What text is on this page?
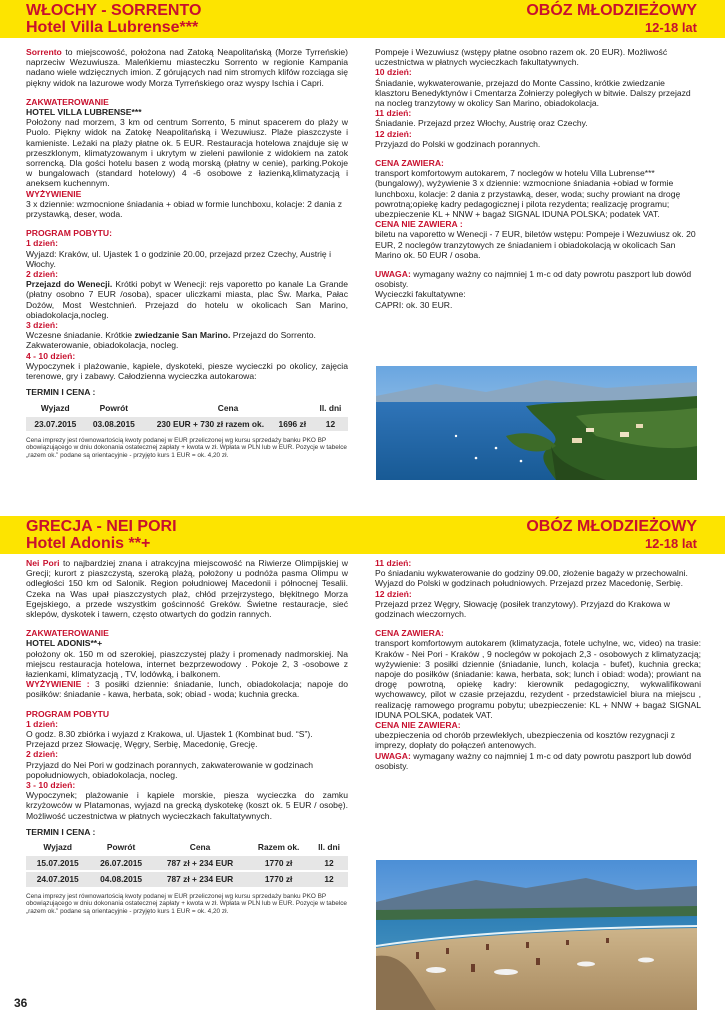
WŁOCHY - SORRENTO
Hotel Villa Lubrense***
OBÓZ MŁODZIEŻOWY
12-18 lat

Sorrento to miejscowość, położona nad Zatoką Neapolitańską (Morze Tyrreńskie) naprzeciw Wezuwiusza. Maleńkiemu miasteczku Sorrento w regionie Kampania nadano wiele wdzięcznych imion. Z górujących nad nim stromych klifów rozciąga się piękny widok na lazurowe wody Morza Tyrreńskiego oraz wyspy Ischia i Capri.

ZAKWATEROWANIE

HOTEL VILLA LUBRENSE***

Położony nad morzem, 3 km od centrum Sorrento, 5 minut spacerem do plaży w Puolo. Piękny widok na Zatokę Neapolitańską i Wezuwiusz. Plaże piaszczyste i kamieniste. Leżaki na plaży płatne ok. 5 EUR. Restauracja hotelowa znajduje się w przeszklonym, klimatyzowanym i ukrytym w zieleni pawilonie z widokiem na zatok sorrencką. Dla gości hotelu basen z wodą morską (płatny w cenie), parking.Pokoje w bungalowach (standard hotelowy) 4 -6 osobowe z łazienką,klimatyzacją i aneksem kuchennym.

WYŻYWIENIE

3 x dziennie: wzmocnione śniadania + obiad w formie lunchboxu, kolacje: 2 dania z przystawką, deser, woda.

PROGRAM POBYTU:

1 dzień:

Wyjazd: Kraków, ul. Ujastek 1 o godzinie 20.00, przejazd przez Czechy, Austrię i Włochy.

2 dzień:

Przejazd do Wenecji. Krótki pobyt w Wenecji: rejs vaporetto po kanale La Grande (płatny osobno 7 EUR /osoba), spacer uliczkami miasta, plac Św. Marka, Pałac Dożów, Most Westchnień. Przejazd do hotelu w okolicach San Marino, obiadokolacja,nocleg.

3 dzień:

Wczesne śniadanie. Krótkie zwiedzanie San Marino. Przejazd do Sorrento. Zakwaterowanie, obiadokolacja, nocleg.

4 - 10 dzień:

Wypoczynek i plażowanie, kąpiele, dyskoteki, piesze wycieczki po okolicy, zajęcia terenowe, gry i zabawy. Całodzienna wycieczka autokarowa:

TERMIN I CENA :

Wyjazd	Powrót	Cena		ll. dni
23.07.2015	03.08.2015	230 EUR + 730 zł razem ok.	1696 zł	12

Cena imprezy jest równowartością kwoty podanej w EUR przeliczonej wg kursu sprzedaży banku PKO BP obowiązującego w dniu dokonania ostatecznej zapłaty + kwota w zł. Wpłata w PLN lub w EUR. Pozycje w tabelce „razem ok.” podane są orientacyjnie - przyjęto kurs 1 EUR = ok. 4,20 zł.

Pompeje i Wezuwiusz (wstępy płatne osobno razem ok. 20 EUR). Możliwość uczestnictwa w płatnych wycieczkach fakultatywnych.

10 dzień:

Śniadanie, wykwaterowanie, przejazd do Monte Cassino, krótkie zwiedzanie klasztoru Benedyktynów i Cmentarza Żołnierzy poległych w bitwie. Dalszy przejazd na nocleg tranzytowy w okolicy San Marino, obiadokolacja.

11 dzień:

Śniadanie. Przejazd przez Włochy, Austrię oraz Czechy.

12 dzień:

Przyjazd do Polski w godzinach porannych.

CENA ZAWIERA:

transport komfortowym autokarem, 7 noclegów w hotelu Villa Lubrense*** (bungalowy), wyżywienie 3 x dziennie: wzmocnione śniadania +obiad w formie lunchboxu, kolacje: 2 dania z przystawką, deser, woda; suchy prowiant na drogę powrotną;opiekę kadry pedagogicznej i pilota rezydenta; realizację programu; ubezpieczenie KL + NNW + bagaż SIGNAL IDUNA POLSKA; podatek VAT.

CENA NIE ZAWIERA :

biletu na vaporetto w Wenecji - 7 EUR, biletów wstępu: Pompeje i Wezuwiusz ok. 20 EUR, 2 noclegów tranzytowych ze śniadaniem i obiadokolacją w okolicach San Marino ok. 50 EUR / osoba.

UWAGA: wymagany ważny co najmniej 1 m-c od daty powrotu paszport lub dowód osobisty.

Wycieczki fakultatywne:

CAPRI: ok. 30 EUR.

GRECJA - NEI PORI
Hotel Adonis **+
OBÓZ MŁODZIEŻOWY
12-18 lat

Nei Pori to najbardziej znana i atrakcyjna miejscowość na Riwierze Olimpijskiej w Grecji; kurort z piaszczystą, szeroką plażą, położony u podnóża pasma Olimpu w odległości 150 km od Salonik. Region południowej Macedonii i północnej Tesalii. Czeka na Was upał piaszczystych plaż, chłód przejrzystego, błękitnego Morza Egejskiego, a przede wszystkim gościnność Greków. Świetne restauracje, sieć sklepów, dyskotek i tawern, często otwartych do godzin rannych.

ZAKWATEROWANIE

HOTEL ADONIS**+

położony ok. 150 m od szerokiej, piaszczystej plaży i promenady nadmorskiej. Na miejscu restauracja hotelowa, internet bezprzewodowy . Pokoje 2, 3 -osobowe z łazienkami, klimatyzacją , TV, lodówką, i balkonem.

WYŻYWIENIE : 3 posiłki dziennie: śniadanie, lunch, obiadokolacja; napoje do posiłków: śniadanie - kawa, herbata, sok; obiad - woda; kuchnia grecka.

PROGRAM POBYTU

1 dzień:

O godz. 8.30 zbiórka i wyjazd z Krakowa, ul. Ujastek 1 (Kombinat bud. “S”). Przejazd przez Słowację, Węgry, Serbię, Macedonię, Grecję.

2 dzień:

Przyjazd do Nei Pori w godzinach porannych, zakwaterowanie w godzinach popołudniowych, obiadokolacja, nocleg.

3 - 10 dzień:

Wypoczynek; plażowanie i kąpiele morskie, piesza wycieczka do zamku krzyżowców w Platamonas, wyjazd na grecką dyskotekę (koszt ok. 5 EUR / osobę). Możliwość uczestnictwa w płatnych wycieczkach fakultatywnych.

TERMIN I CENA :

Wyjazd	Powrót	Cena	Razem ok.	ll. dni
15.07.2015	26.07.2015	787 zł + 234 EUR	1770 zł	12
24.07.2015	04.08.2015	787 zł + 234 EUR	1770 zł	12

Cena imprezy jest równowartością kwoty podanej w EUR przeliczonej wg kursu sprzedaży banku PKO BP obowiązującego w dniu dokonania ostatecznej zapłaty + kwota w zł. Wpłata w PLN lub w EUR. Pozycje w tabelce „razem ok.” podane są orientacyjnie - przyjęto kurs 1 EUR = ok. 4,20 zł.

11 dzień:

Po śniadaniu wykwaterowanie do godziny 09.00, złożenie bagaży w przechowalni. Wyjazd do Polski w godzinach południowych. Przejazd przez Macedonię, Serbię.

12 dzień:

Przejazd przez Węgry, Słowację (posiłek tranzytowy). Przyjazd do Krakowa w godzinach wieczornych.

CENA ZAWIERA:

transport komfortowym autokarem (klimatyzacja, fotele uchylne, wc, video) na trasie: Kraków - Nei Pori - Kraków , 9 noclegów w pokojach 2,3 - osobowych z klimatyzacją; wyżywienie: 3 posiłki dziennie (śniadanie, lunch, kolacja - bufet), kuchnia grecka; napoje do posiłków (śniadanie: kawa, herbata, sok; lunch i obiad: woda); prowiant na drogę powrotną, opiekę kadry: kierownik pedagogiczny, wykwalifikowani wychowawcy, pilot w czasie przejazdu, rezydent - przedstawiciel biura na miejscu , realizację ramowego programu pobytu; ubezpieczenie: KL + NNW + bagaż SIGNAL IDUNA POLSKA, podatek VAT.

CENA NIE ZAWIERA:

ubezpieczenia od chorób przewlekłych, ubezpieczenia od kosztów rezygnacji z imprezy, dopłaty do połączeń antenowych.

UWAGA: wymagany ważny co najmniej 1 m-c od daty powrotu paszport lub dowód osobisty.

36
